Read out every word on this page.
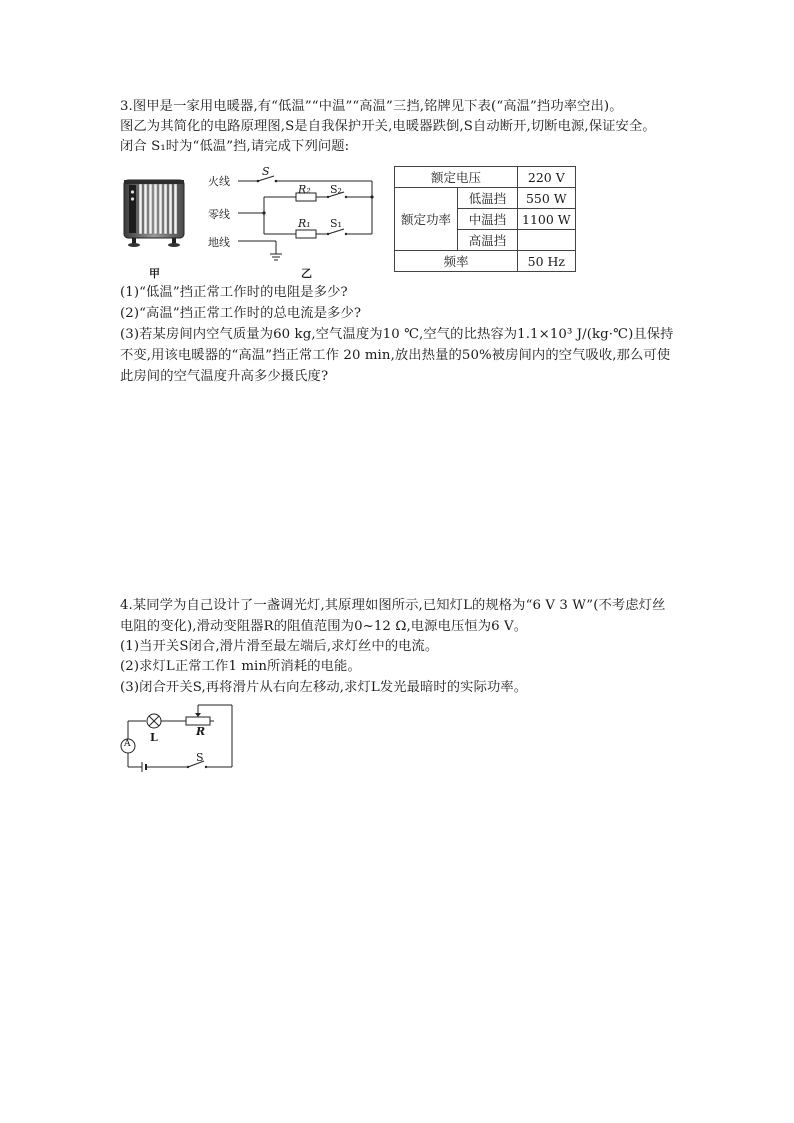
3.图甲是一家用电暖器,有“低温”“中温”“高温”三挡,铭牌见下表(“高温”挡功率空出)。
图乙为其简化的电路原理图,S是自我保护开关,电暖器跌倒,S自动断开,切断电源,保证安全。
闭合 S₁时为“低温”挡,请完成下列问题:
甲
火线
零线
地线
S
R₂ S₂
R₁ S₁
乙
额定电压		220 V
额定功率	低温挡	550 W
	中温挡	1100 W
	高温挡	
频率		50 Hz
(1)“低温”挡正常工作时的电阻是多少?
(2)“高温”挡正常工作时的总电流是多少?
(3)若某房间内空气质量为60 kg,空气温度为10 ℃,空气的比热容为1.1×10³ J/(kg·℃)且保持
不变,用该电暖器的“高温”挡正常工作 20 min,放出热量的50%被房间内的空气吸收,那么可使
此房间的空气温度升高多少摄氏度?
4.某同学为自己设计了一盏调光灯,其原理如图所示,已知灯L的规格为“6 V 3 W”(不考虑灯丝
电阻的变化),滑动变阻器R的阻值范围为0~12 Ω,电源电压恒为6 V。
(1)当开关S闭合,滑片滑至最左端后,求灯丝中的电流。
(2)求灯L正常工作1 min所消耗的电能。
(3)闭合开关S,再将滑片从右向左移动,求灯L发光最暗时的实际功率。
A L	R
S
